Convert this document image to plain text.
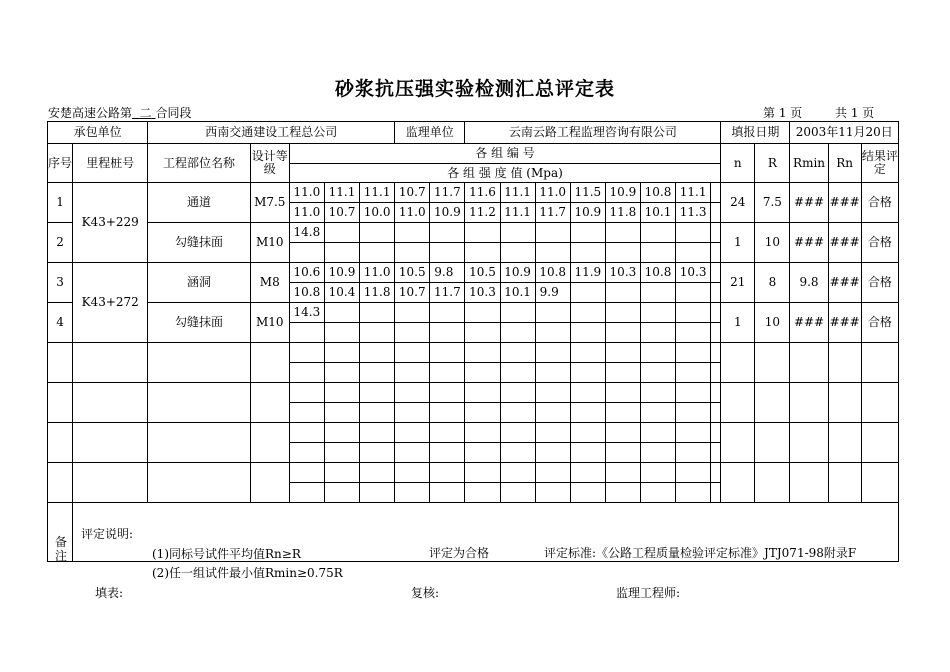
砂浆抗压强实验检测汇总评定表
安楚高速公路第 二 合同段	第 1 页	共 1 页
承包单位		西南交通建设工程总公司					监理单位		云南云路工程监理咨询有限公司								填报日期		2003年11月20日		
序号	里程桩号	工程部位名称	设计等级	各 组 编 号													n	R	Rmin	Rn	结果评定
				各 组 强 度 值 (Mpa)																	
1	K43+229	通道	M7.5	11.0	11.1	11.1	10.7	11.7	11.6	11.1	11.0	11.5	10.9	10.8	11.1		24	7.5	###	###	合格
				11.0	10.7	10.0	11.0	10.9	11.2	11.1	11.7	10.9	11.8	10.1	11.3						
2		勾缝抹面	M10	14.8													1	10	###	###	合格

3	K43+272	涵洞	M8	10.6	10.9	11.0	10.5	9.8	10.5	10.9	10.8	11.9	10.3	10.8	10.3		21	8	9.8	###	合格
				10.8	10.4	11.8	10.7	11.7	10.3	10.1	9.9										
4		勾缝抹面	M10	14.3													1	10	###	###	合格

备注
评定说明:
(1)同标号试件平均值Rn≥R
(2)任一组试件最小值Rmin≥0.75R
评定为合格	评定标准:《公路工程质量检验评定标准》JTJ071-98附录F
填表:	复核:	监理工程师:
